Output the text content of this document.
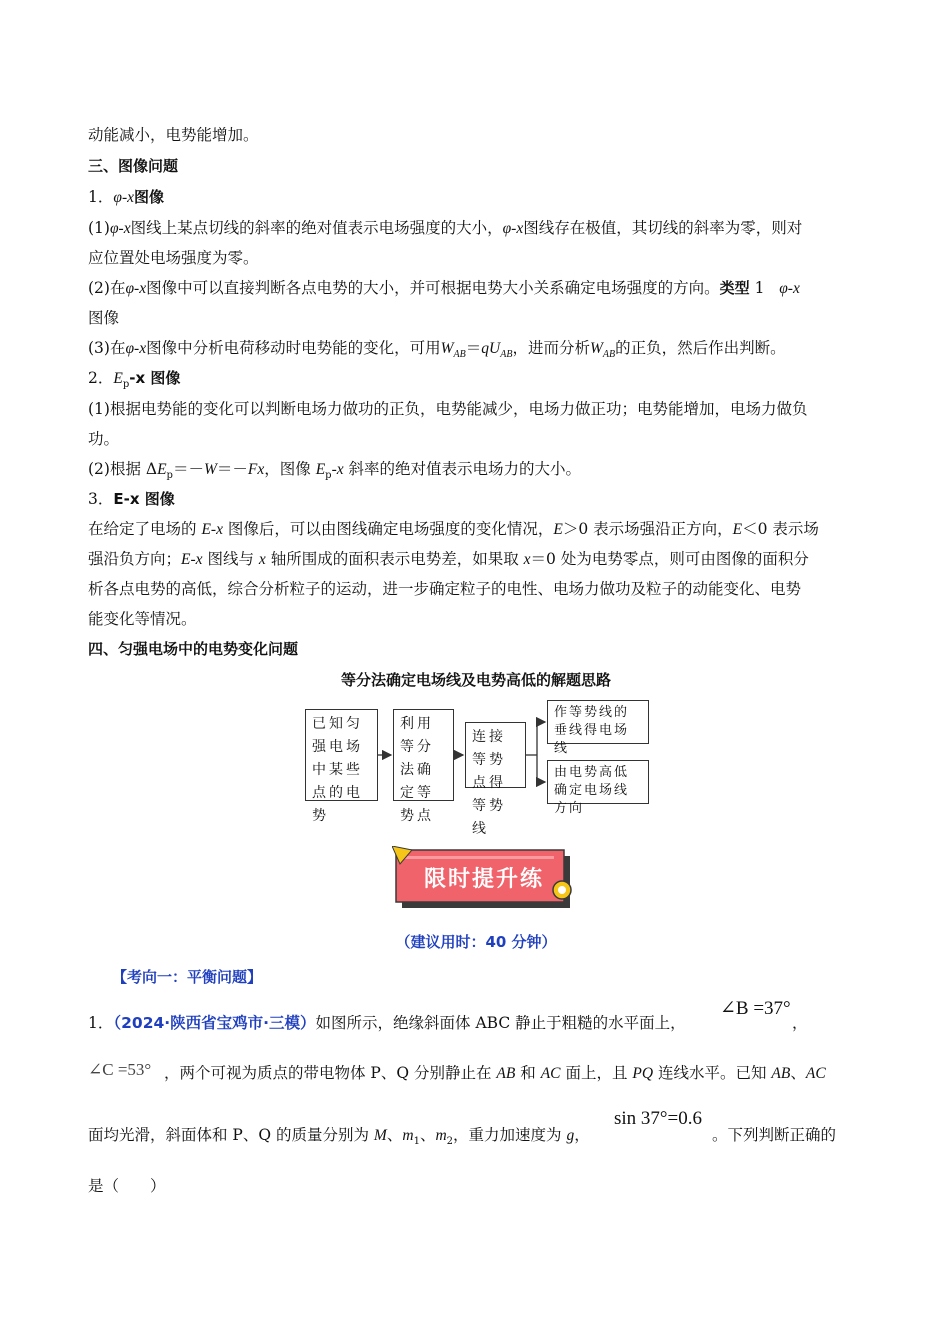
动能减小，电势能增加。
三、图像问题
1．φ-x图像
(1)φ-x图线上某点切线的斜率的绝对值表示电场强度的大小，φ-x图线存在极值，其切线的斜率为零，则对
应位置处电场强度为零。
(2)在φ-x图像中可以直接判断各点电势的大小，并可根据电势大小关系确定电场强度的方向。类型 1 φ-x
图像
(3)在φ-x图像中分析电荷移动时电势能的变化，可用$W_{AB}=qU_{AB}$，进而分析$W_{AB}$的正负，然后作出判断。
2．$E_p-x$ 图像
(1)根据电势能的变化可以判断电场力做功的正负，电势能减少，电场力做正功；电势能增加，电场力做负
功。
(2)根据 $\Delta E_p=-W=-Fx$，图像 $E_p-x$ 斜率的绝对值表示电场力的大小。
3．E-x 图像
在给定了电场的 E-x 图像后，可以由图线确定电场强度的变化情况，E＞0 表示场强沿正方向，E＜0 表示场
强沿负方向；E-x 图线与 x 轴所围成的面积表示电势差，如果取 x＝0 处为电势零点，则可由图像的面积分
析各点电势的高低，综合分析粒子的运动，进一步确定粒子的电性、电场力做功及粒子的动能变化、电势
能变化等情况。
四、匀强电场中的电势变化问题
等分法确定电场线及电势高低的解题思路
已知匀强电场中某些点的电势
利用等分法确定等势点
连接等势点得等势线
作等势线的垂线得电场线
由电势高低确定电场线方向
限时提升练
（建议用时：40 分钟）
【考向一：平衡问题】
1．（2024·陕西省宝鸡市·三模）如图所示，绝缘斜面体 ABC 静止于粗糙的水平面上，
∠B =37°
，
∠C =53° ，两个可视为质点的带电物体 P、Q 分别静止在 AB 和 AC 面上，且 PQ 连线水平。已知 AB、AC
面均光滑，斜面体和 P、Q 的质量分别为 M、$m_1$、$m_2$，重力加速度为 g，
sin 37°=0.6
。下列判断正确的
是（　　）
